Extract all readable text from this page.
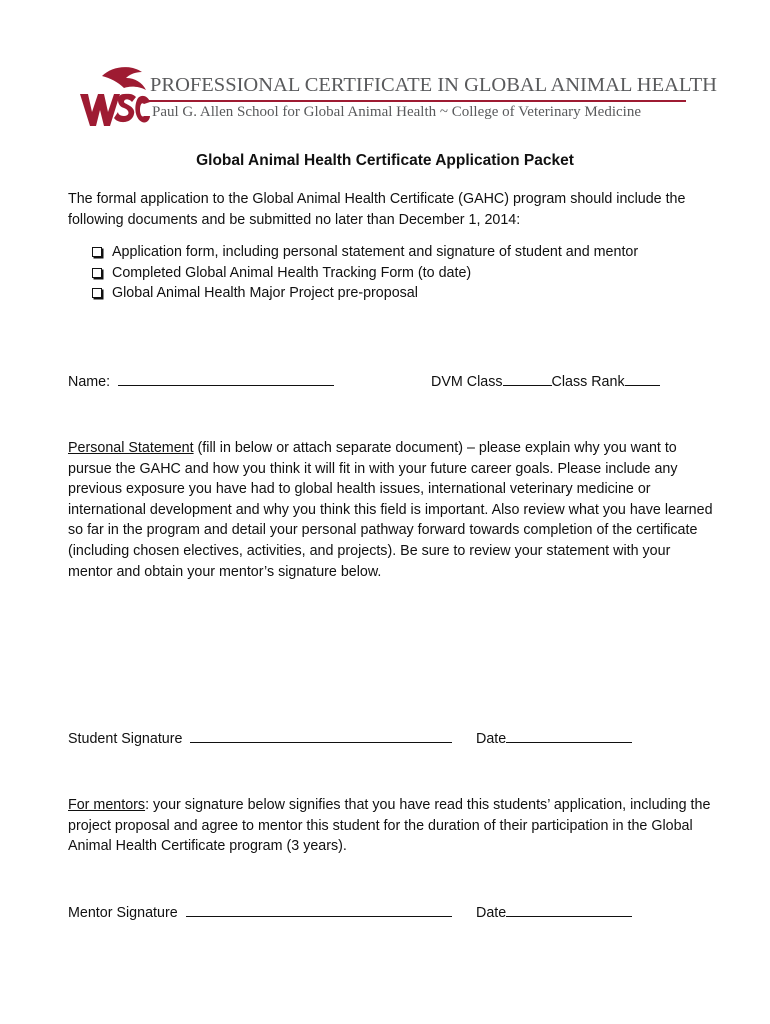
PROFESSIONAL CERTIFICATE IN GLOBAL ANIMAL HEALTH
Paul G. Allen School for Global Animal Health ~ College of Veterinary Medicine
Global Animal Health Certificate Application Packet
The formal application to the Global Animal Health Certificate (GAHC) program should include the following documents and be submitted no later than December 1, 2014:
Application form, including personal statement and signature of student and mentor
Completed Global Animal Health Tracking Form (to date)
Global Animal Health Major Project pre-proposal
Name:	DVM Class	Class Rank
Personal Statement (fill in below or attach separate document) – please explain why you want to pursue the GAHC and how you think it will fit in with your future career goals. Please include any previous exposure you have had to global health issues, international veterinary medicine or international development and why you think this field is important. Also review what you have learned so far in the program and detail your personal pathway forward towards completion of the certificate (including chosen electives, activities, and projects). Be sure to review your statement with your mentor and obtain your mentor’s signature below.
Student Signature	Date
For mentors: your signature below signifies that you have read this students’ application, including the project proposal and agree to mentor this student for the duration of their participation in the Global Animal Health Certificate program (3 years).
Mentor Signature	Date
